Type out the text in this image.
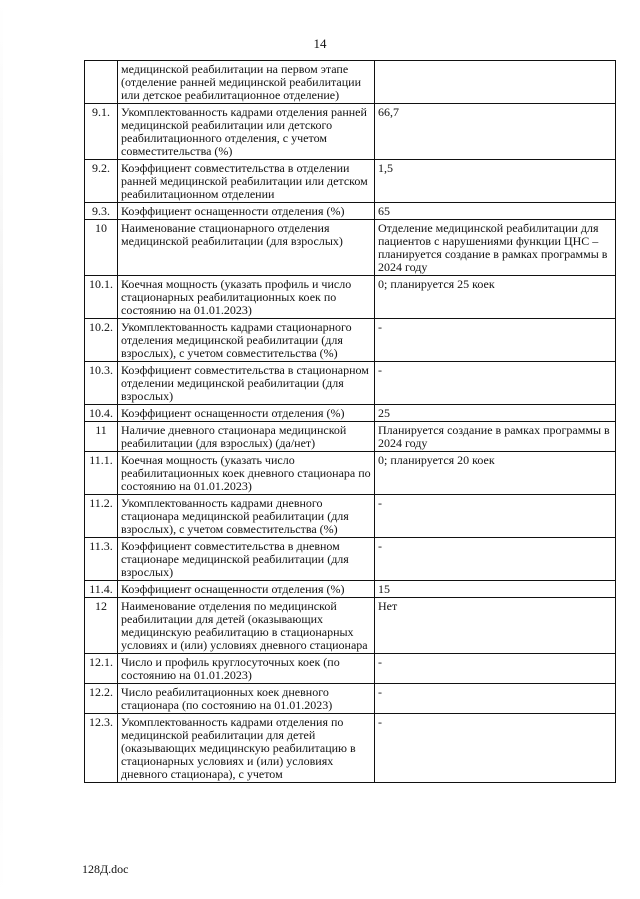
14
	медицинской реабилитации на первом этапе (отделение ранней медицинской реабилитации или детское реабилитационное отделение)	
9.1.	Укомплектованность кадрами отделения ранней медицинской реабилитации или детского реабилитационного отделения, с учетом совместительства (%)	66,7
9.2.	Коэффициент совместительства в отделении ранней медицинской реабилитации или детском реабилитационном отделении	1,5
9.3.	Коэффициент оснащенности отделения (%)	65
10	Наименование стационарного отделения медицинской реабилитации (для взрослых)	Отделение медицинской реабилитации для пациентов с нарушениями функции ЦНС – планируется создание в рамках программы в 2024 году
10.1.	Коечная мощность (указать профиль и число стационарных реабилитационных коек по состоянию на 01.01.2023)	0; планируется 25 коек
10.2.	Укомплектованность кадрами стационарного отделения медицинской реабилитации (для взрослых), с учетом совместительства (%)	-
10.3.	Коэффициент совместительства в стационарном отделении медицинской реабилитации (для взрослых)	-
10.4.	Коэффициент оснащенности отделения (%)	25
11	Наличие дневного стационара медицинской реабилитации (для взрослых) (да/нет)	Планируется создание в рамках программы в 2024 году
11.1.	Коечная мощность (указать число реабилитационных коек дневного стационара по состоянию на 01.01.2023)	0; планируется 20 коек
11.2.	Укомплектованность кадрами дневного стационара медицинской реабилитации (для взрослых), с учетом совместительства (%)	-
11.3.	Коэффициент совместительства в дневном стационаре медицинской реабилитации (для взрослых)	-
11.4.	Коэффициент оснащенности отделения (%)	15
12	Наименование отделения по медицинской реабилитации для детей (оказывающих медицинскую реабилитацию в стационарных условиях и (или) условиях дневного стационара	Нет
12.1.	Число и профиль круглосуточных коек (по состоянию на 01.01.2023)	-
12.2.	Число реабилитационных коек дневного стационара (по состоянию на 01.01.2023)	-
12.3.	Укомплектованность кадрами отделения по медицинской реабилитации для детей (оказывающих медицинскую реабилитацию в стационарных условиях и (или) условиях дневного стационара), с учетом	-
128Д.doc
